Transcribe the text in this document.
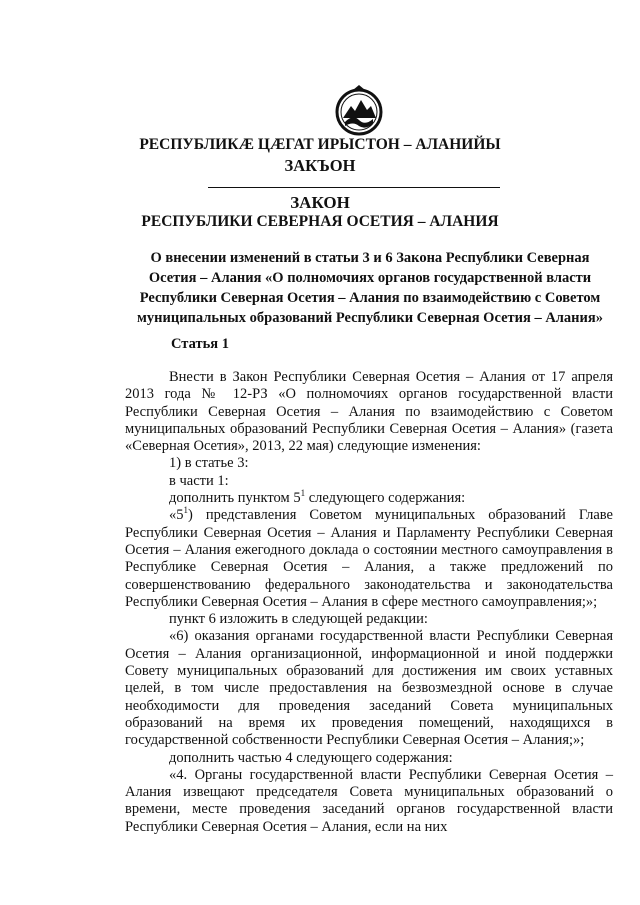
РЕСПУБЛИКÆ ЦÆГАТ ИРЫСТОН – АЛАНИЙЫ
ЗАКЪОН
ЗАКОН
РЕСПУБЛИКИ СЕВЕРНАЯ ОСЕТИЯ – АЛАНИЯ
О внесении изменений в статьи 3 и 6 Закона Республики Северная
Осетия – Алания «О полномочиях органов государственной власти
Республики Северная Осетия – Алания по взаимодействию с Советом
муниципальных образований Республики Северная Осетия – Алания»
Статья 1

Внести в Закон Республики Северная Осетия – Алания от 17 апреля 2013 года № 12-РЗ «О полномочиях органов государственной власти Республики Северная Осетия – Алания по взаимодействию с Советом муниципальных образований Республики Северная Осетия – Алания» (газета «Северная Осетия», 2013, 22 мая) следующие изменения:

1) в статье 3:

в части 1:

дополнить пунктом $5^1$ следующего содержания:

«$5^1$) представления Советом муниципальных образований Главе Республики Северная Осетия – Алания и Парламенту Республики Северная Осетия – Алания ежегодного доклада о состоянии местного самоуправления в Республике Северная Осетия – Алания, а также предложений по совершенствованию федерального законодательства и законодательства Республики Северная Осетия – Алания в сфере местного самоуправления;»;

пункт 6 изложить в следующей редакции:

«6) оказания органами государственной власти Республики Северная Осетия – Алания организационной, информационной и иной поддержки Совету муниципальных образований для достижения им своих уставных целей, в том числе предоставления на безвозмездной основе в случае необходимости для проведения заседаний Совета муниципальных образований на время их проведения помещений, находящихся в государственной собственности Республики Северная Осетия – Алания;»;

дополнить частью 4 следующего содержания:

«4. Органы государственной власти Республики Северная Осетия – Алания извещают председателя Совета муниципальных образований о времени, месте проведения заседаний органов государственной власти Республики Северная Осетия – Алания, если на них
